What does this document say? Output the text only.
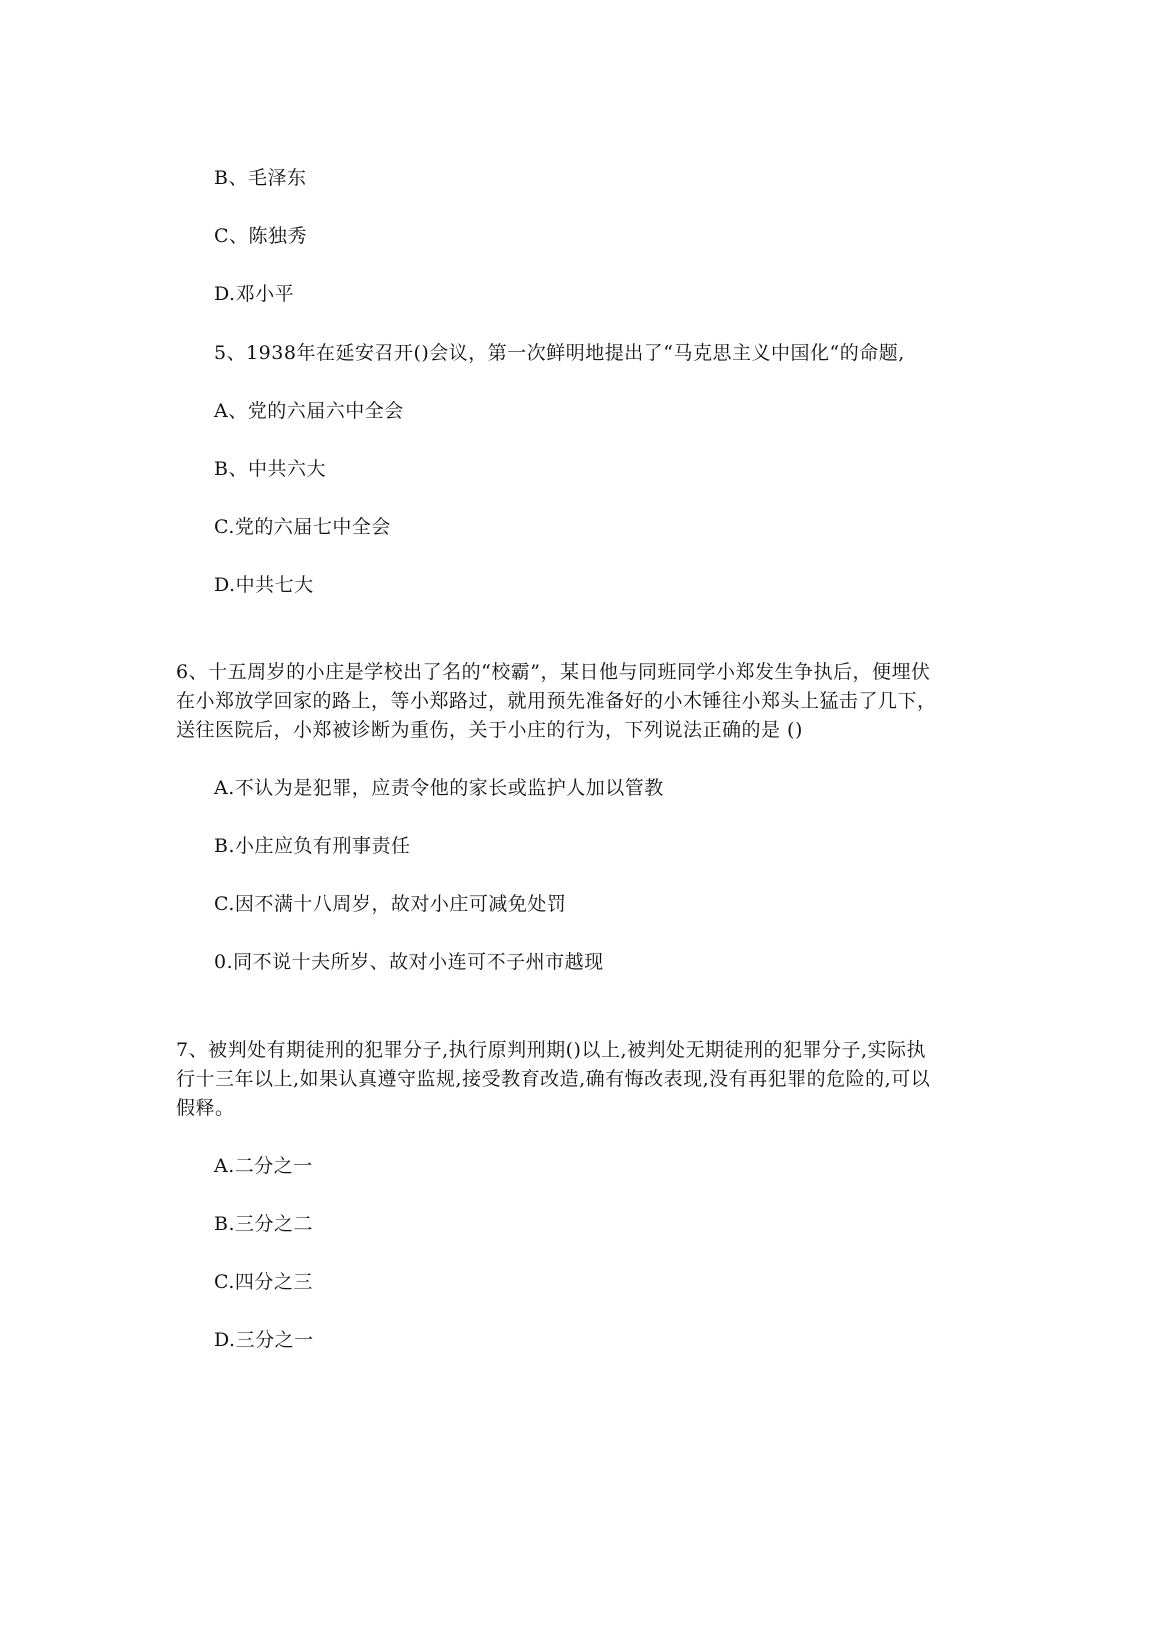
B、毛泽东
C、陈独秀
D.邓小平
5、1938年在延安召开()会议，第一次鲜明地提出了“马克思主义中国化“的命题,
A、党的六届六中全会
B、中共六大
C.党的六届七中全会
D.中共七大
6、十五周岁的小庄是学校出了名的“校霸”，某日他与同班同学小郑发生争执后，便埋伏
在小郑放学回家的路上，等小郑路过，就用预先准备好的小木锤往小郑头上猛击了几下，
送往医院后，小郑被诊断为重伤，关于小庄的行为，下列说法正确的是 ()
A.不认为是犯罪，应责令他的家长或监护人加以管教
B.小庄应负有刑事责任
C.因不满十八周岁，故对小庄可减免处罚
0.同不说十夫所岁、故对小连可不子州市越现
7、被判处有期徒刑的犯罪分子,执行原判刑期()以上,被判处无期徒刑的犯罪分子,实际执
行十三年以上,如果认真遵守监规,接受教育改造,确有悔改表现,没有再犯罪的危险的,可以
假释。
A.二分之一
B.三分之二
C.四分之三
D.三分之一
